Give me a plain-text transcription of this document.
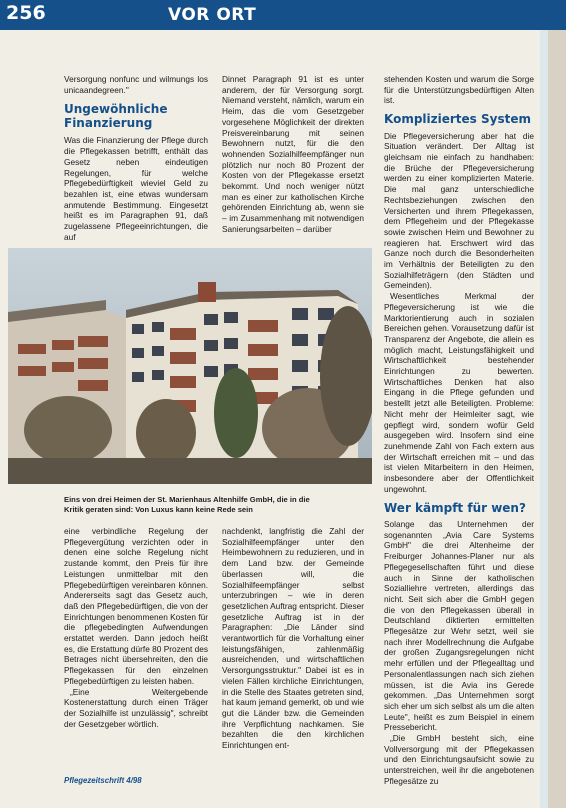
256	VOR ORT

Versorgung nonfunc und wilmungs los unicaandegreen."

Ungewöhnliche Finanzierung

Was die Finanzierung der Pflege durch die Pflegekassen betrifft, enthält das Gesetz neben eindeutigen Regelungen, für welche Pflegebedürftigkeit wieviel Geld zu bezahlen ist, eine etwas wundersam anmutende Bestimmung. Eingesetzt heißt es im Paragraphen 91, daß zugelassene Pflegeeinrichtungen, die auf

Dinnet Paragraph 91 ist es unter anderem, der für Versorgung sorgt. Niemand versteht, nämlich, warum ein Heim, das die vom Gesetzgeber vorgesehene Möglichkeit der direkten Preisvereinbarung mit seinen Bewohnern nutzt, für die den wohnenden Sozialhilfeempfänger nun plötzlich nur noch 80 Prozent der Kosten von der Pflegekasse ersetzt bekommt. Und noch weniger nützt man es einer zur katholischen Kirche gehörenden Einrichtung ab, wenn sie – im Zusammenhang mit notwendigen Sanierungsarbeiten – darüber

stehenden Kosten und warum die Sorge für die Unterstützungsbedürftigen Alten ist.

Kompliziertes System

Die Pflegeversicherung aber hat die Situation verändert. Der Alltag ist gleichsam nie einfach zu handhaben: die Brüche der Pflegeversicherung werden zu einer komplizierten Materie. Die mal ganz unterschiedliche Rechtsbeziehungen zwischen den Versicherten und ihrem Pflegekassen, dem Pflegeheim und der Pflegekasse sowie zwischen Heim und Bewohner zu reagieren hat. Erschwert wird das Ganze noch durch die Besonderheiten im Verhältnis der Beteiligten zu den Sozialhilfeträgern (den Städten und Gemeinden).

Wesentliches Merkmal der Pflegeversicherung ist wie die Marktorientierung auch in sozialen Bereichen gehen. Vorausetzung dafür ist Transparenz der Angebote, die allein es möglich macht, Leistungsfähigkeit und Wirtschaftlichkeit bestehender Einrichtungen zu bewerten. Wirtschaftliches Denken hat also Eingang in die Pflege gefunden und bestellt jetzt alle Beteiligten. Probleme: Nicht mehr der Heimleiter sagt, wie gepflegt wird, sondern wofür Geld ausgegeben wird. Insofern sind eine zunehmende Zahl von Fach extern aus der Wirtschaft erreichen mit – und das ist vielen Mitarbeitern in den Heimen, insbesondere aber der Offentlichkeit ungewohnt.

Wer kämpft für wen?

Solange das Unternehmen der sogenannten „Avia Care Systems GmbH" die drei Altenheime der Freiburger Johannes-Planer nur als Pflegegesellschaften führt und diese auch in Sinne der katholischen Sozialliehre vertreten, allerdings das nicht. Seit sich aber die GmbH gegen die von den Pflegekassen überall in Deutschland diktierten ermittelten Pflegesätze zur Wehr setzt, weil sie nach ihrer Modellrechnung die Aufgabe der großen Zugangsregelungen nicht mehr erfüllen und der Pflegealltag und Personalentlassungen nach sich ziehen müssen, ist die Avia ins Gerede gekommen. „Das Unternehmen sorgt sich eher um sich selbst als um die alten Leute", heißt es zum Beispiel in einem Pressebericht.

„Die GmbH besteht sich, eine Vollversorgung mit der Pflegekassen und den Einrichtungsaufsicht sowie zu unterstreichen, weil ihr die angebotenen Pflegesätze zu

Eins von drei Heimen der St. Marienhaus Altenhilfe GmbH, die in die Kritik geraten sind: Von Luxus kann keine Rede sein

eine verbindliche Regelung der Pflegevergütung verzichten oder in denen eine solche Regelung nicht zustande kommt, den Preis für ihre Leistungen unmittelbar mit den Pflegebedürftigen vereinbaren können. Andererseits sagt das Gesetz auch, daß den Pflegebedürftigen, die von der Einrichtungen benommenen Kosten für die pflegebedingten Aufwendungen erstattet werden. Dann jedoch heißt es, die Erstattung dürfe 80 Prozent des Betrages nicht übersehreiten, den die Pflegekassen für den einzelnen Pflegebedürftigen zu leisten haben.

„Eine Weitergebende Kostenerstattung durch einen Träger der Sozialhilfe ist unzulässig", schreibt der Gesetzgeber wörtlich.

nachdenkt, langfristig die Zahl der Sozialhilfeempfänger unter den Heimbewohnern zu reduzieren, und in dem Land bzw. der Gemeinde überlassen will, die Sozialhilfeempfänger selbst unterzubringen – wie in deren gesetzlichen Auftrag entspricht. Dieser gesetzliche Auftrag ist in der Paragraphen: „Die Länder sind verantwortlich für die Vorhaltung einer leistungsfähigen, zahlenmäßig ausreichenden, und wirtschaftlichen Versorgungsstruktur." Dabei ist es in vielen Fällen kirchliche Einrichtungen, in die Stelle des Staates getreten sind, hat kaum jemand gemerkt, ob und wie gut die Länder bzw. die Gemeinden ihre Verpflichtung nachkamen. Sie bezahlten die den kirchlichen Einrichtungen ent-

Pflegezeitschrift 4/98
